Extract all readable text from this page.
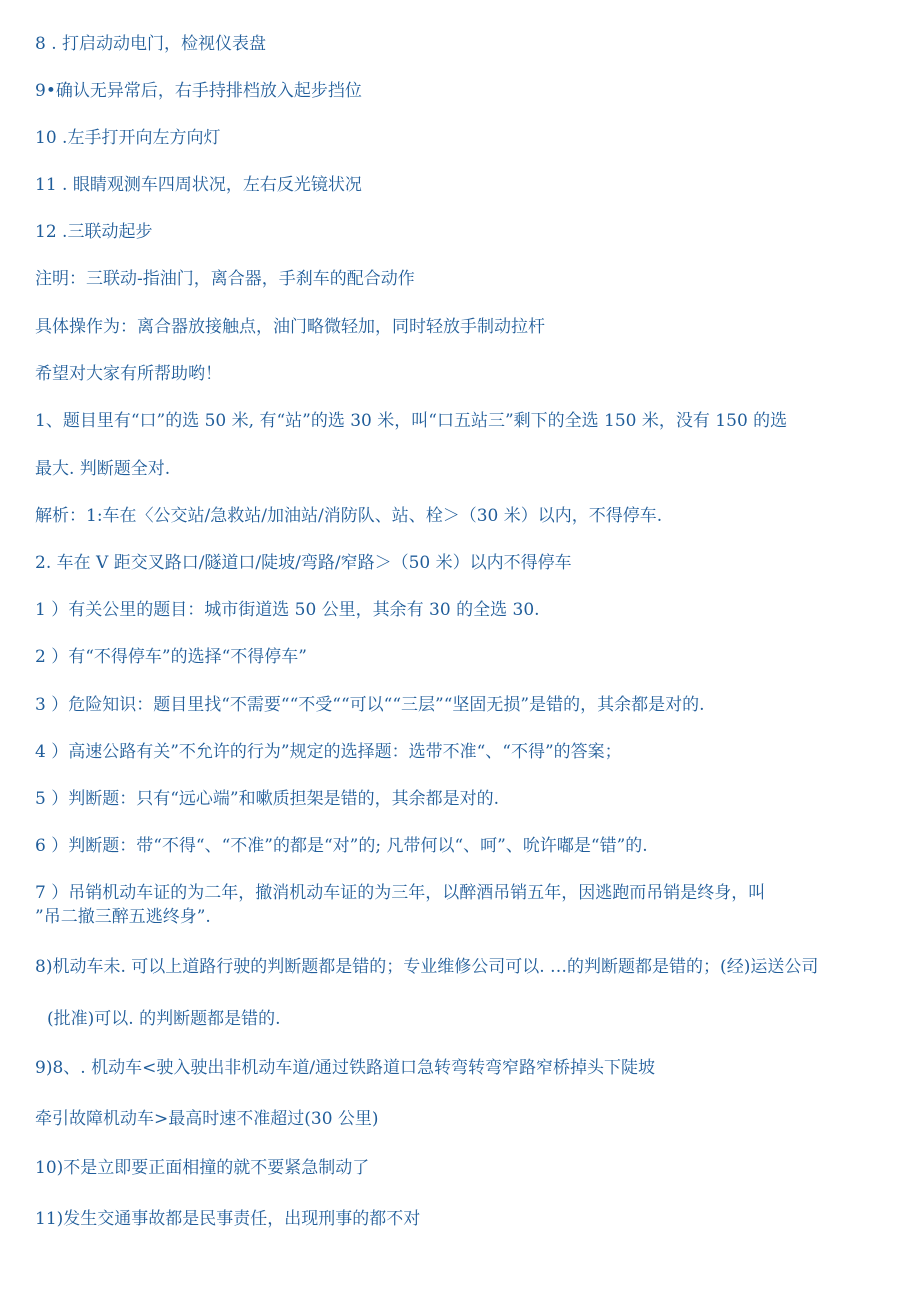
8 . 打启动动电门，检视仪表盘
9•确认无异常后，右手持排档放入起步挡位
10 .左手打开向左方向灯
11 . 眼睛观测车四周状况，左右反光镜状况
12 .三联动起步
注明：三联动-指油门，离合器，手刹车的配合动作
具体操作为：离合器放接触点，油门略微轻加，同时轻放手制动拉杆
希望对大家有所帮助哟！
1、题目里有“口”的选 50 米, 有“站”的选 30 米，叫“口五站三”剩下的全选 150 米，没有 150 的选
最大. 判断题全对.
解析：1:车在〈公交站/急救站/加油站/消防队、站、栓＞（30 米）以内，不得停车.
2. 车在 V 距交叉路口/隧道口/陡坡/弯路/窄路＞（50 米）以内不得停车
1 ）有关公里的题目：城市街道选 50 公里，其余有 30 的全选 30.
2 ）有“不得停车”的选择“不得停车”
3 ）危险知识：题目里找“不需要““不受““可以““三层”“坚固无损”是错的，其余都是对的.
4 ）高速公路有关”不允许的行为”规定的选择题：选带不准“、“不得”的答案；
5 ）判断题：只有“远心端”和嗽质担架是错的，其余都是对的.
6 ）判断题：带“不得“、“不准”的都是“对”的; 凡带何以“、呵”、吮许嘟是“错”的.
7 ）吊销机动车证的为二年，撤消机动车证的为三年，以醉酒吊销五年，因逃跑而吊销是终身，叫
”吊二撤三醉五逃终身”.
8)机动车未. 可以上道路行驶的判断题都是错的；专业维修公司可以. …的判断题都是错的；(经)运送公司
(批准)可以. 的判断题都是错的.
9)8、. 机动车<驶入驶出非机动车道/通过铁路道口急转弯转弯窄路窄桥掉头下陡坡
牵引故障机动车>最高时速不准超过(30 公里)
10)不是立即要正面相撞的就不要紧急制动了
11)发生交通事故都是民事责任，出现刑事的都不对
